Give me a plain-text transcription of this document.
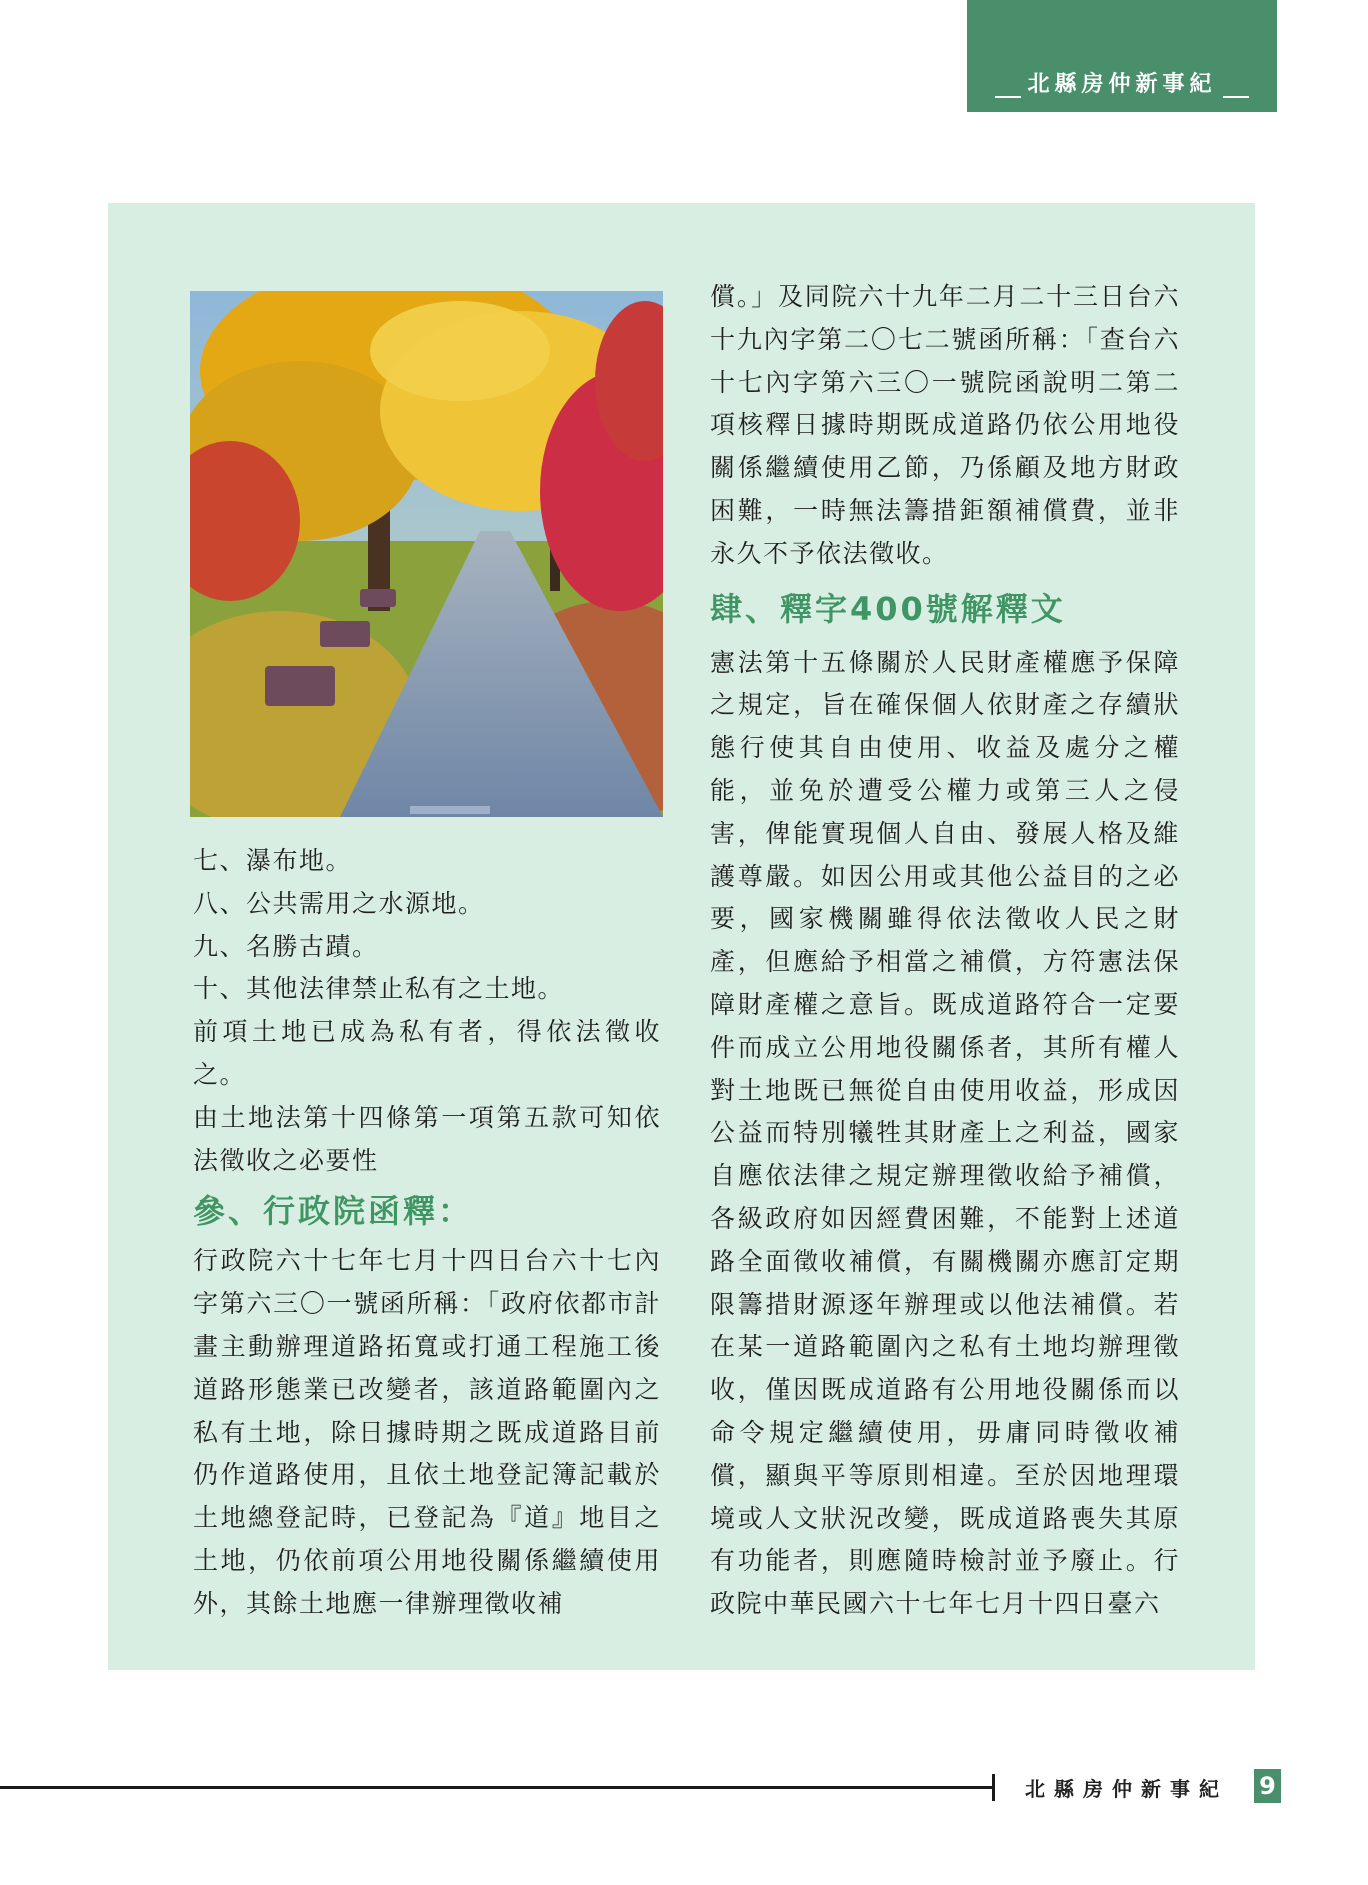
北縣房仲新事紀

七、瀑布地。

八、公共需用之水源地。

九、名勝古蹟。

十、其他法律禁止私有之土地。

前項土地已成為私有者，得依法徵收之。

由土地法第十四條第一項第五款可知依法徵收之必要性

參、行政院函釋：

行政院六十七年七月十四日台六十七內字第六三〇一號函所稱：「政府依都市計畫主動辦理道路拓寬或打通工程施工後道路形態業已改變者，該道路範圍內之私有土地，除日據時期之既成道路目前仍作道路使用，且依土地登記簿記載於土地總登記時，已登記為『道』地目之土地，仍依前項公用地役關係繼續使用外，其餘土地應一律辦理徵收補

償。」及同院六十九年二月二十三日台六十九內字第二〇七二號函所稱：「查台六十七內字第六三〇一號院函說明二第二項核釋日據時期既成道路仍依公用地役關係繼續使用乙節，乃係顧及地方財政困難，一時無法籌措鉅額補償費，並非永久不予依法徵收。

肆、釋字400號解釋文

憲法第十五條關於人民財產權應予保障之規定，旨在確保個人依財產之存續狀態行使其自由使用、收益及處分之權能，並免於遭受公權力或第三人之侵害，俾能實現個人自由、發展人格及維護尊嚴。如因公用或其他公益目的之必要，國家機關雖得依法徵收人民之財產，但應給予相當之補償，方符憲法保障財產權之意旨。既成道路符合一定要件而成立公用地役關係者，其所有權人對土地既已無從自由使用收益，形成因公益而特別犧牲其財產上之利益，國家自應依法律之規定辦理徵收給予補償，各級政府如因經費困難，不能對上述道路全面徵收補償，有關機關亦應訂定期限籌措財源逐年辦理或以他法補償。若在某一道路範圍內之私有土地均辦理徵收，僅因既成道路有公用地役關係而以命令規定繼續使用，毋庸同時徵收補償，顯與平等原則相違。至於因地理環境或人文狀況改變，既成道路喪失其原有功能者，則應隨時檢討並予廢止。行政院中華民國六十七年七月十四日臺六

北縣房仲新事紀 9
